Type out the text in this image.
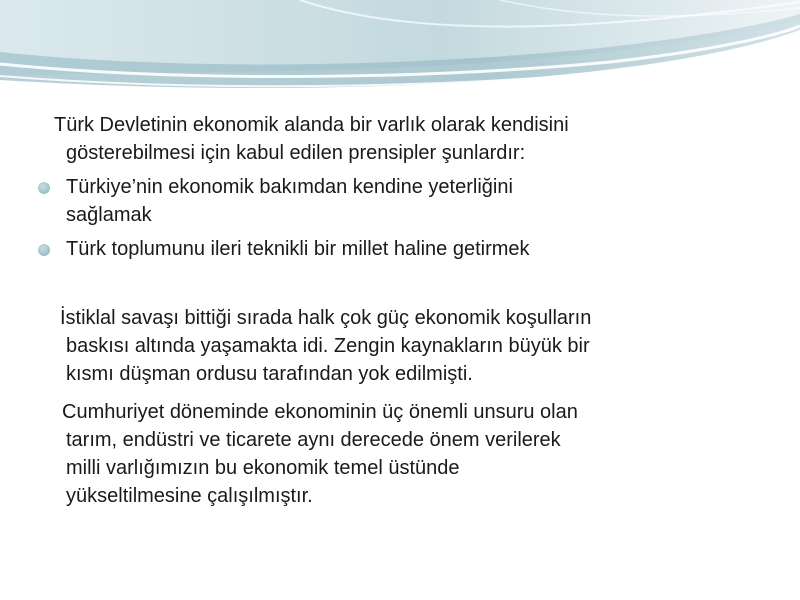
Türk Devletinin ekonomik alanda bir varlık olarak kendisini
gösterebilmesi için kabul edilen prensipler şunlardır:

Türkiye’nin ekonomik bakımdan kendine yeterliğini
sağlamak

Türk toplumunu ileri teknikli bir millet haline getirmek

İstiklal savaşı bittiği sırada halk çok güç ekonomik koşulların
baskısı altında yaşamakta idi. Zengin kaynakların büyük bir
kısmı düşman ordusu tarafından yok edilmişti.

Cumhuriyet döneminde ekonominin üç önemli unsuru olan
tarım, endüstri ve ticarete aynı derecede önem verilerek
milli varlığımızın bu ekonomik temel üstünde
yükseltilmesine çalışılmıştır.
